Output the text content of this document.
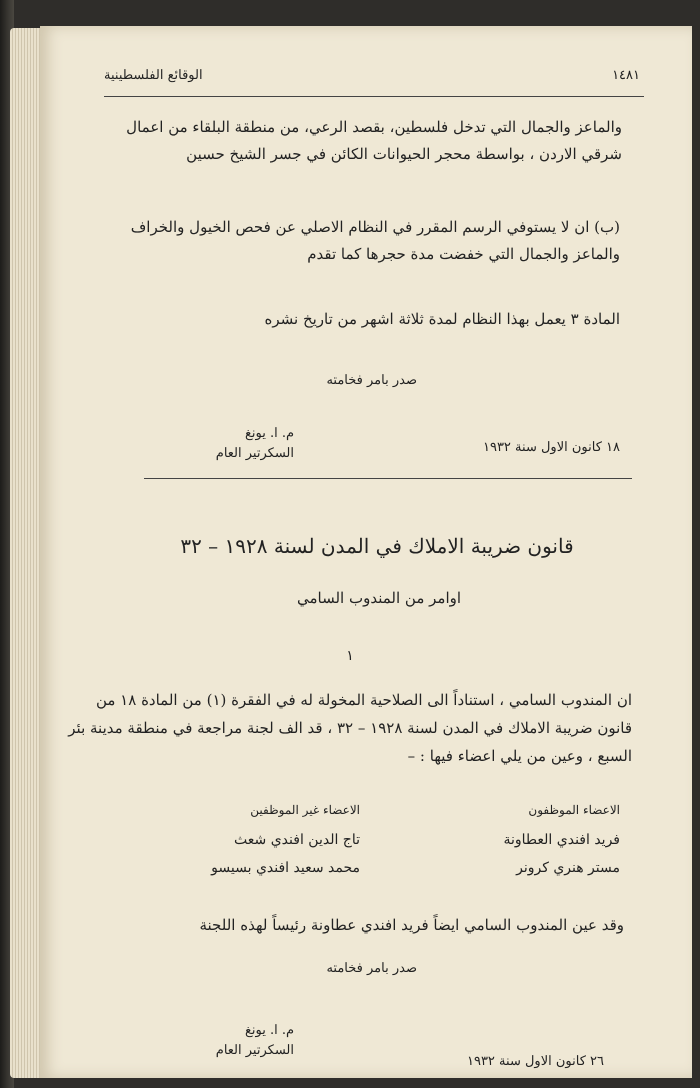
١٤٨١
الوقائع الفلسطينية
والماعز والجمال التي تدخل فلسطين، بقصد الرعي، من منطقة البلقاء من اعمال شرقي الاردن ، بواسطة محجر الحيوانات الكائن في جسر الشيخ حسين
(ب) ان لا يستوفي الرسم المقرر في النظام الاصلي عن فحص الخيول والخراف والماعز والجمال التي خفضت مدة حجرها كما تقدم
المادة ٣ يعمل بهذا النظام لمدة ثلاثة اشهر من تاريخ نشره
صدر بامر فخامته
م. ا. يونغ
السكرتير العام	١٨ كانون الاول سنة ١٩٣٢
قانون ضريبة الاملاك في المدن لسنة ١٩٢٨ – ٣٢
اوامر من المندوب السامي
١
ان المندوب السامي ، استناداً الى الصلاحية المخولة له في الفقرة (١) من المادة ١٨ من قانون ضريبة الاملاك في المدن لسنة ١٩٢٨ – ٣٢ ، قد الف لجنة مراجعة في منطقة مدينة بئر السبع ، وعين من يلي اعضاء فيها : –
الاعضاء الموظفون
فريد افندي العطاونة
مستر هنري كرونر
الاعضاء غير الموظفين
تاج الدين افندي شعث
محمد سعيد افندي بسيسو
وقد عين المندوب السامي ايضاً فريد افندي عطاونة رئيساً لهذه اللجنة
صدر بامر فخامته
م. ا. يونغ
السكرتير العام
٢٦ كانون الاول سنة ١٩٣٢
